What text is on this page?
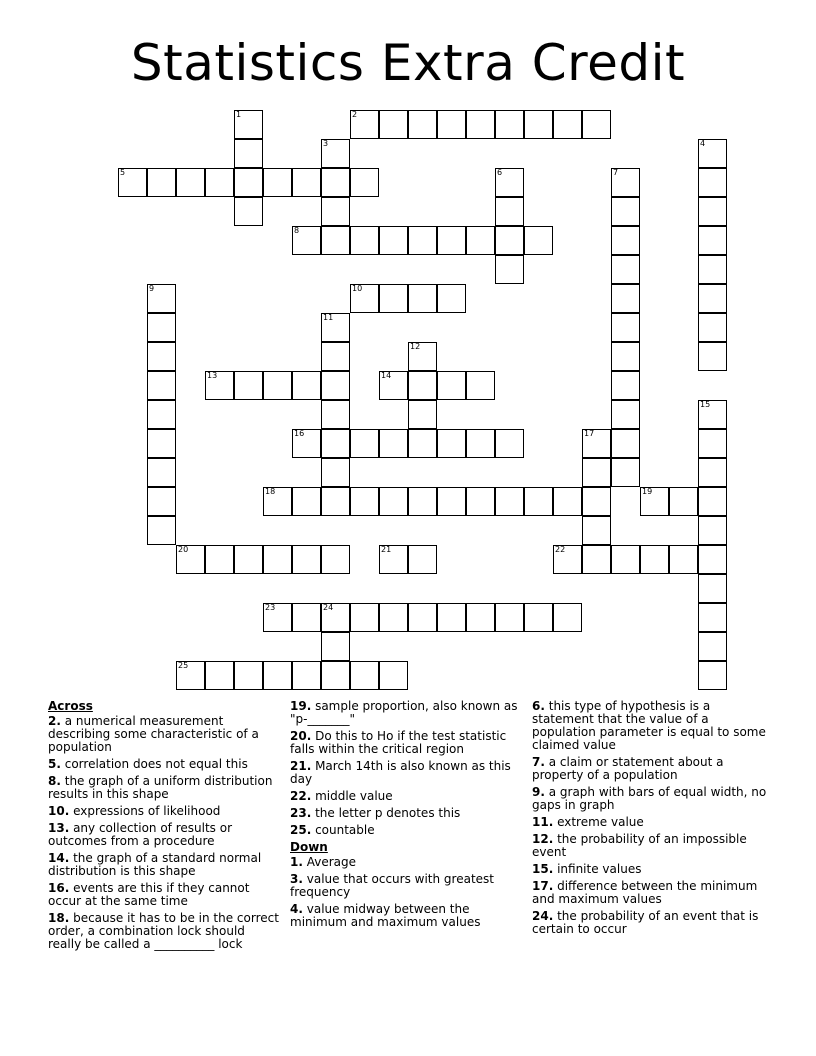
Statistics Extra Credit
1	2
3	4
5	6	7
8
9	10
11
12
13	14
15
16	17
18	19
20	21	22
23	24
25
Across
2. a numerical measurement describing some characteristic of a population
5. correlation does not equal this
8. the graph of a uniform distribution results in this shape
10. expressions of likelihood
13. any collection of results or outcomes from a procedure
14. the graph of a standard normal distribution is this shape
16. events are this if they cannot occur at the same time
18. because it has to be in the correct order, a combination lock should really be called a __________ lock
19. sample proportion, also known as "p-_______"
20. Do this to Ho if the test statistic falls within the critical region
21. March 14th is also known as this day
22. middle value
23. the letter p denotes this
25. countable
Down
1. Average
3. value that occurs with greatest frequency
4. value midway between the minimum and maximum values
6. this type of hypothesis is a statement that the value of a population parameter is equal to some claimed value
7. a claim or statement about a property of a population
9. a graph with bars of equal width, no gaps in graph
11. extreme value
12. the probability of an impossible event
15. infinite values
17. difference between the minimum and maximum values
24. the probability of an event that is certain to occur
